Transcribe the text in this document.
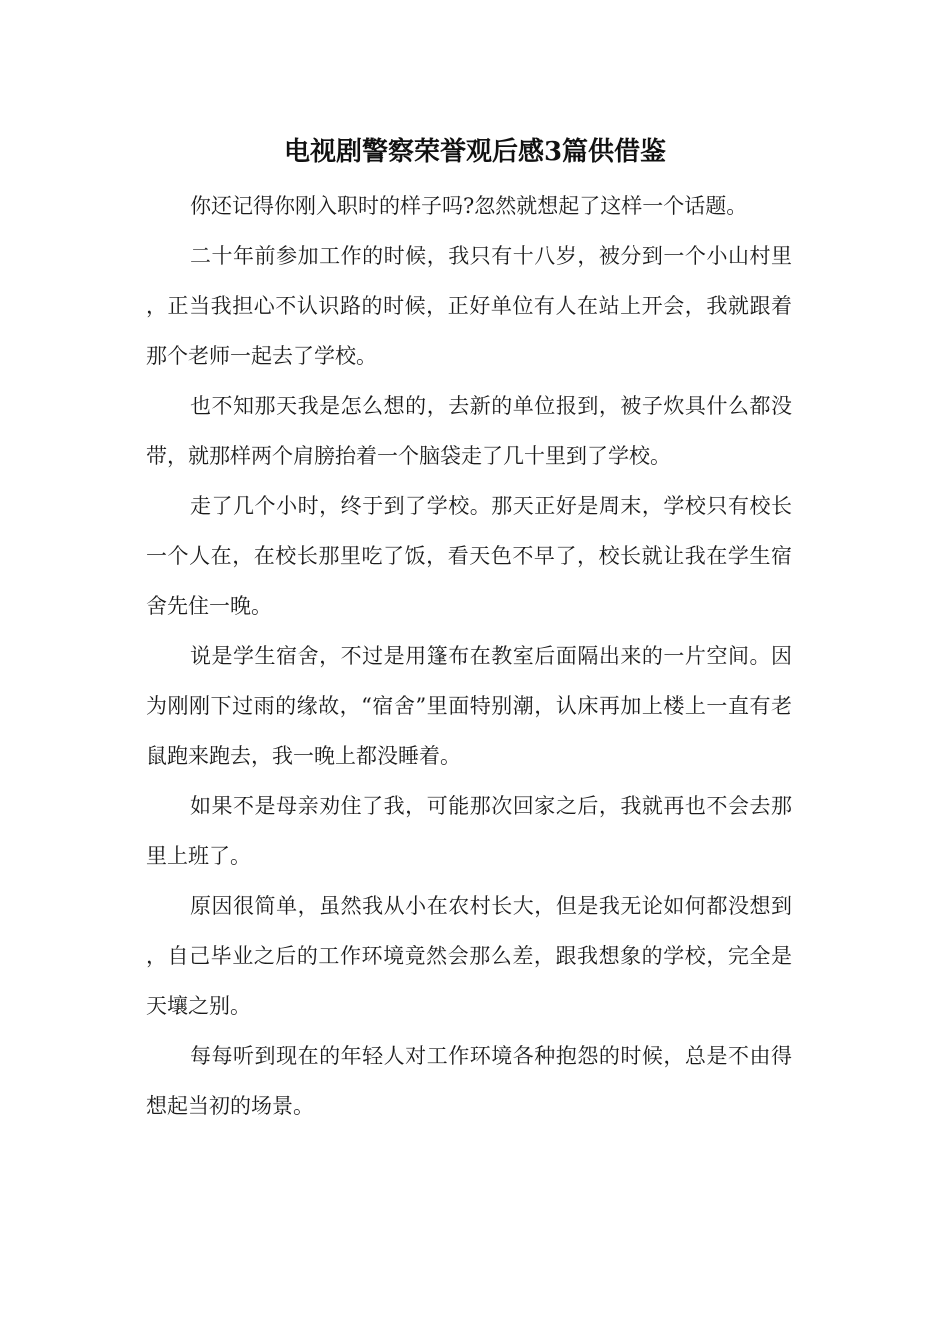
电视剧警察荣誉观后感3篇供借鉴

你还记得你刚入职时的样子吗?忽然就想起了这样一个话题。

二十年前参加工作的时候，我只有十八岁，被分到一个小山村里，正当我担心不认识路的时候，正好单位有人在站上开会，我就跟着那个老师一起去了学校。

也不知那天我是怎么想的，去新的单位报到，被子炊具什么都没带，就那样两个肩膀抬着一个脑袋走了几十里到了学校。

走了几个小时，终于到了学校。那天正好是周末，学校只有校长一个人在，在校长那里吃了饭，看天色不早了，校长就让我在学生宿舍先住一晚。

说是学生宿舍，不过是用篷布在教室后面隔出来的一片空间。因为刚刚下过雨的缘故，“宿舍”里面特别潮，认床再加上楼上一直有老鼠跑来跑去，我一晚上都没睡着。

如果不是母亲劝住了我，可能那次回家之后，我就再也不会去那里上班了。

原因很简单，虽然我从小在农村长大，但是我无论如何都没想到，自己毕业之后的工作环境竟然会那么差，跟我想象的学校，完全是天壤之别。

每每听到现在的年轻人对工作环境各种抱怨的时候，总是不由得想起当初的场景。
